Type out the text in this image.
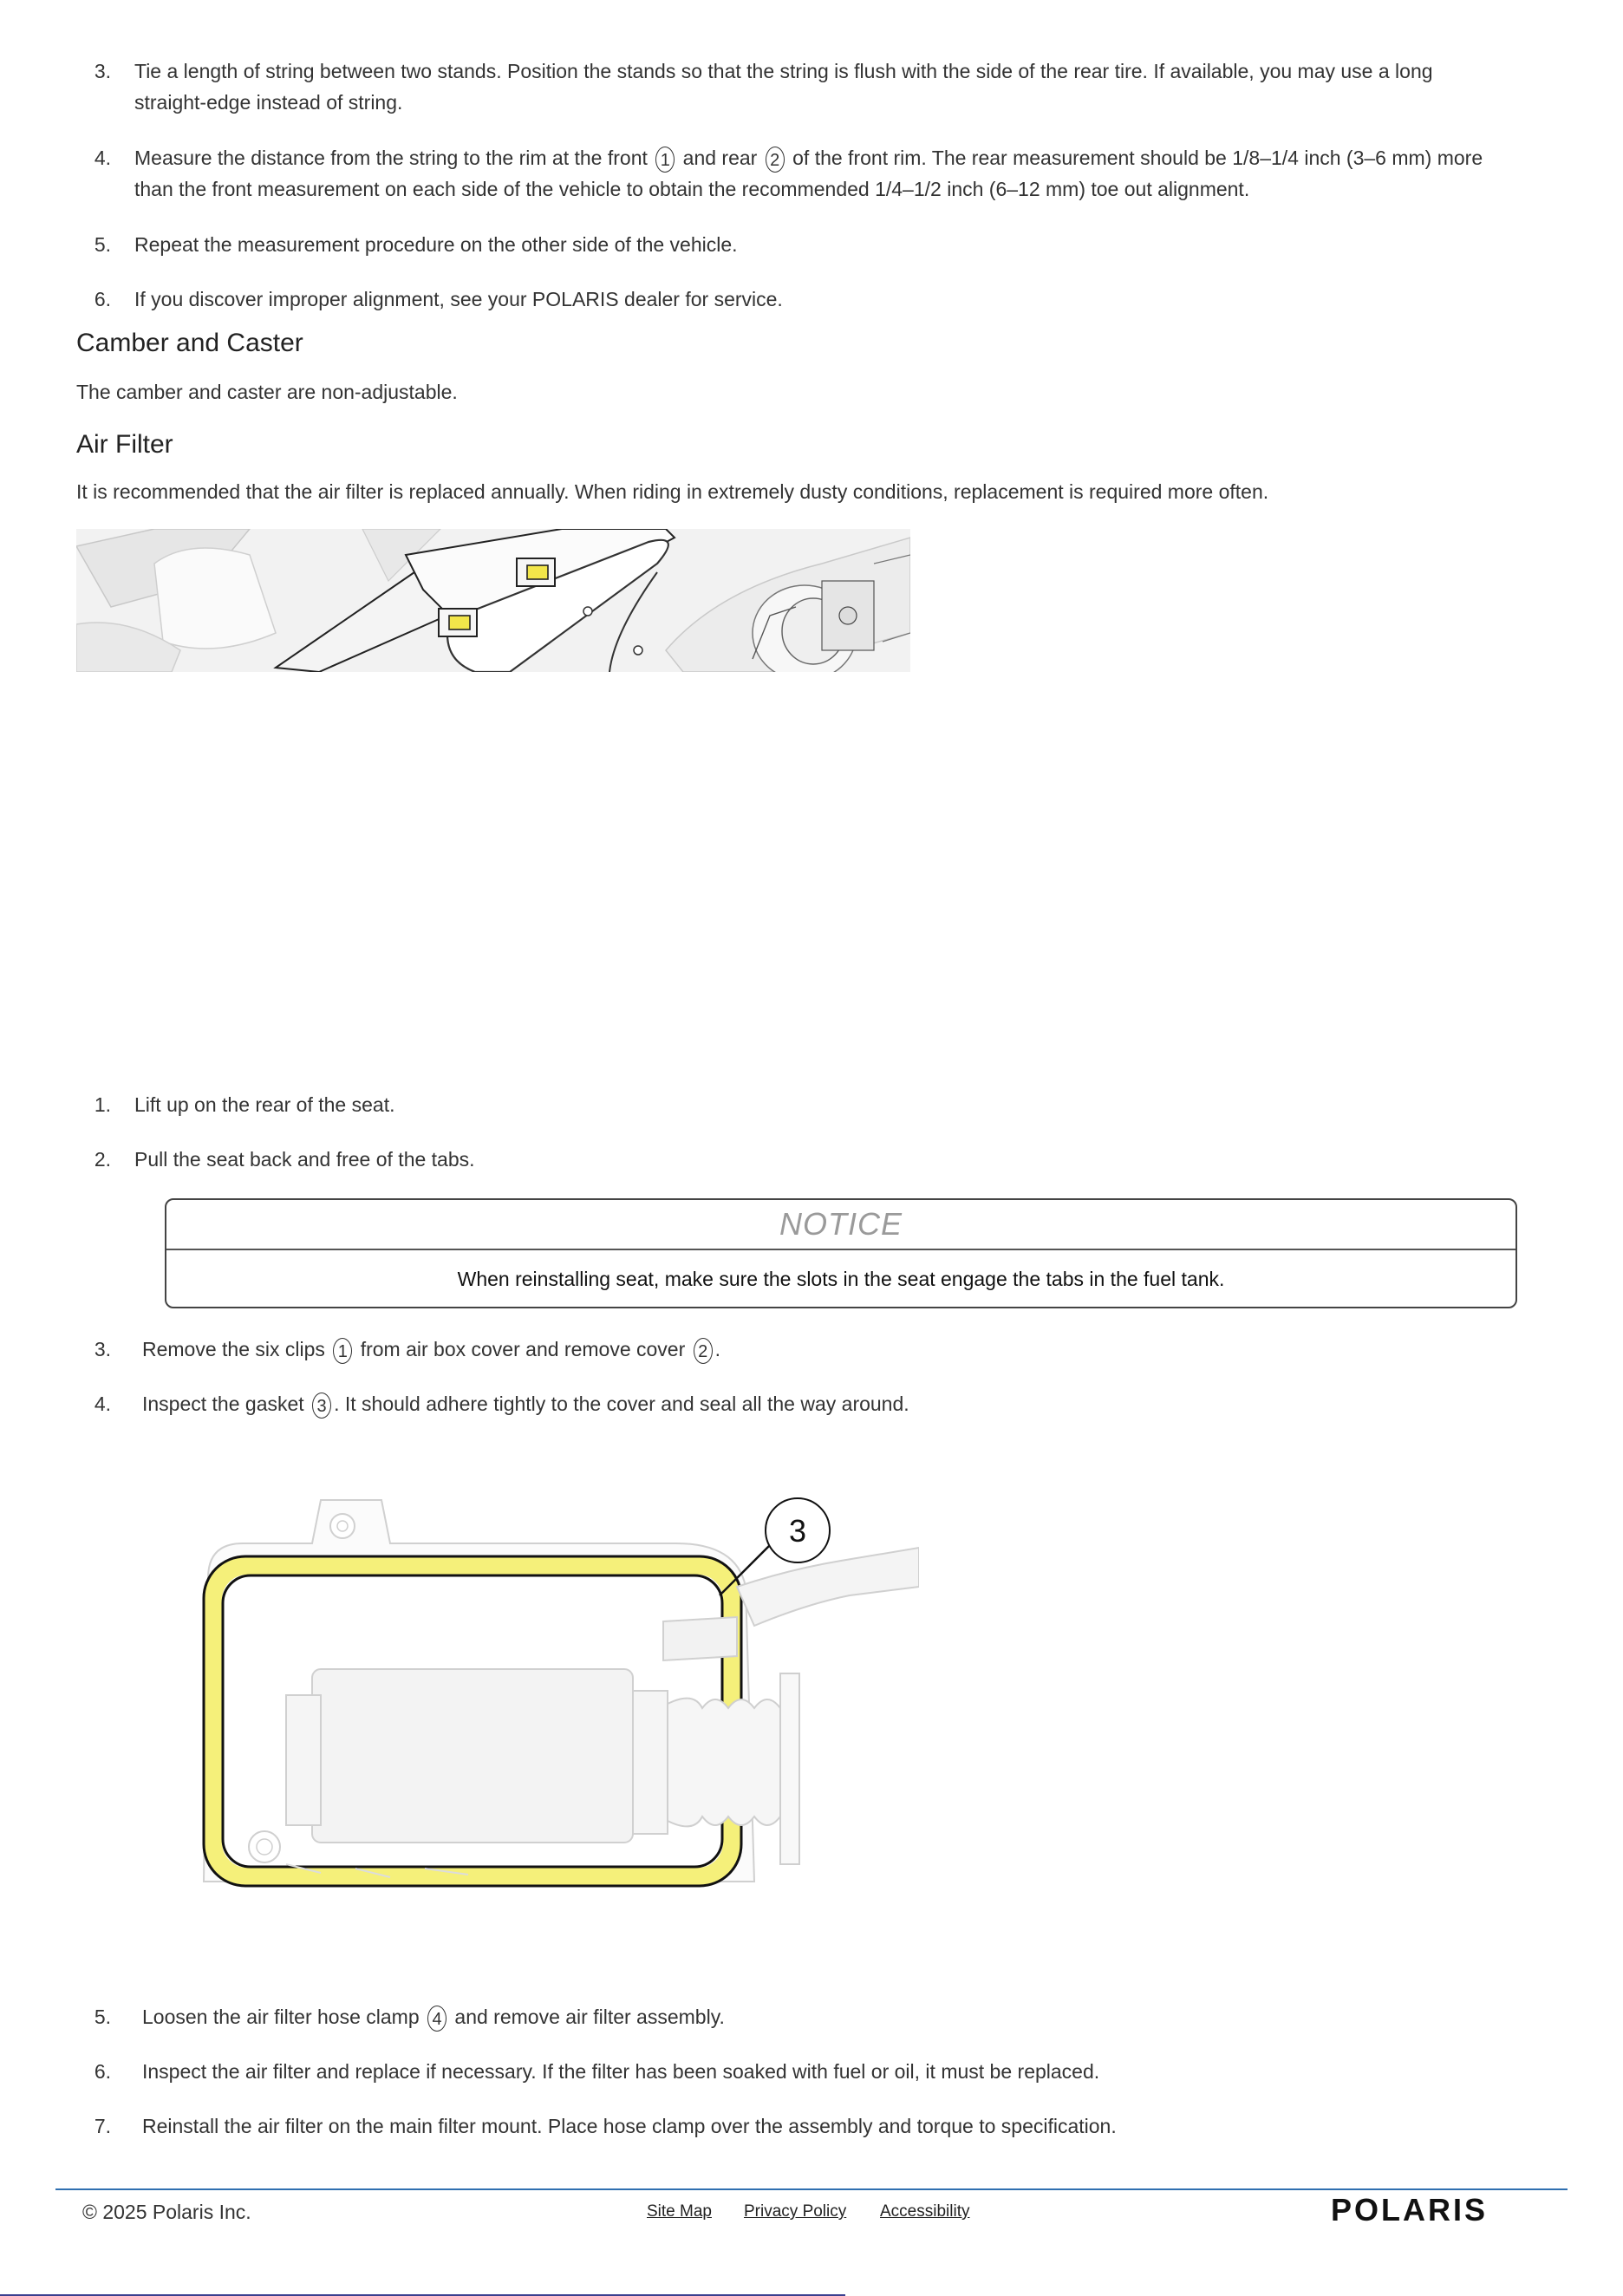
3. Tie a length of string between two stands. Position the stands so that the string is flush with the side of the rear tire. If available, you may use a long
straight-edge instead of string.
4. Measure the distance from the string to the rim at the front 1 and rear 2 of the front rim. The rear measurement should be 1/8–1/4 inch (3–6 mm) more
than the front measurement on each side of the vehicle to obtain the recommended 1/4–1/2 inch (6–12 mm) toe out alignment.
5. Repeat the measurement procedure on the other side of the vehicle.
6. If you discover improper alignment, see your POLARIS dealer for service.
Camber and Caster
The camber and caster are non-adjustable.
Air Filter
It is recommended that the air filter is replaced annually. When riding in extremely dusty conditions, replacement is required more often.
1. Lift up on the rear of the seat.
2. Pull the seat back and free of the tabs.
NOTICE
When reinstalling seat, make sure the slots in the seat engage the tabs in the fuel tank.
3. Remove the six clips 1 from air box cover and remove cover 2 .
4. Inspect the gasket 3 . It should adhere tightly to the cover and seal all the way around.
3
5. Loosen the air filter hose clamp 4 and remove air filter assembly.
6. Inspect the air filter and replace if necessary. If the filter has been soaked with fuel or oil, it must be replaced.
7. Reinstall the air filter on the main filter mount. Place hose clamp over the assembly and torque to specification.
© 2025 Polaris Inc.	Site Map Privacy Policy Accessibility	POLARIS
